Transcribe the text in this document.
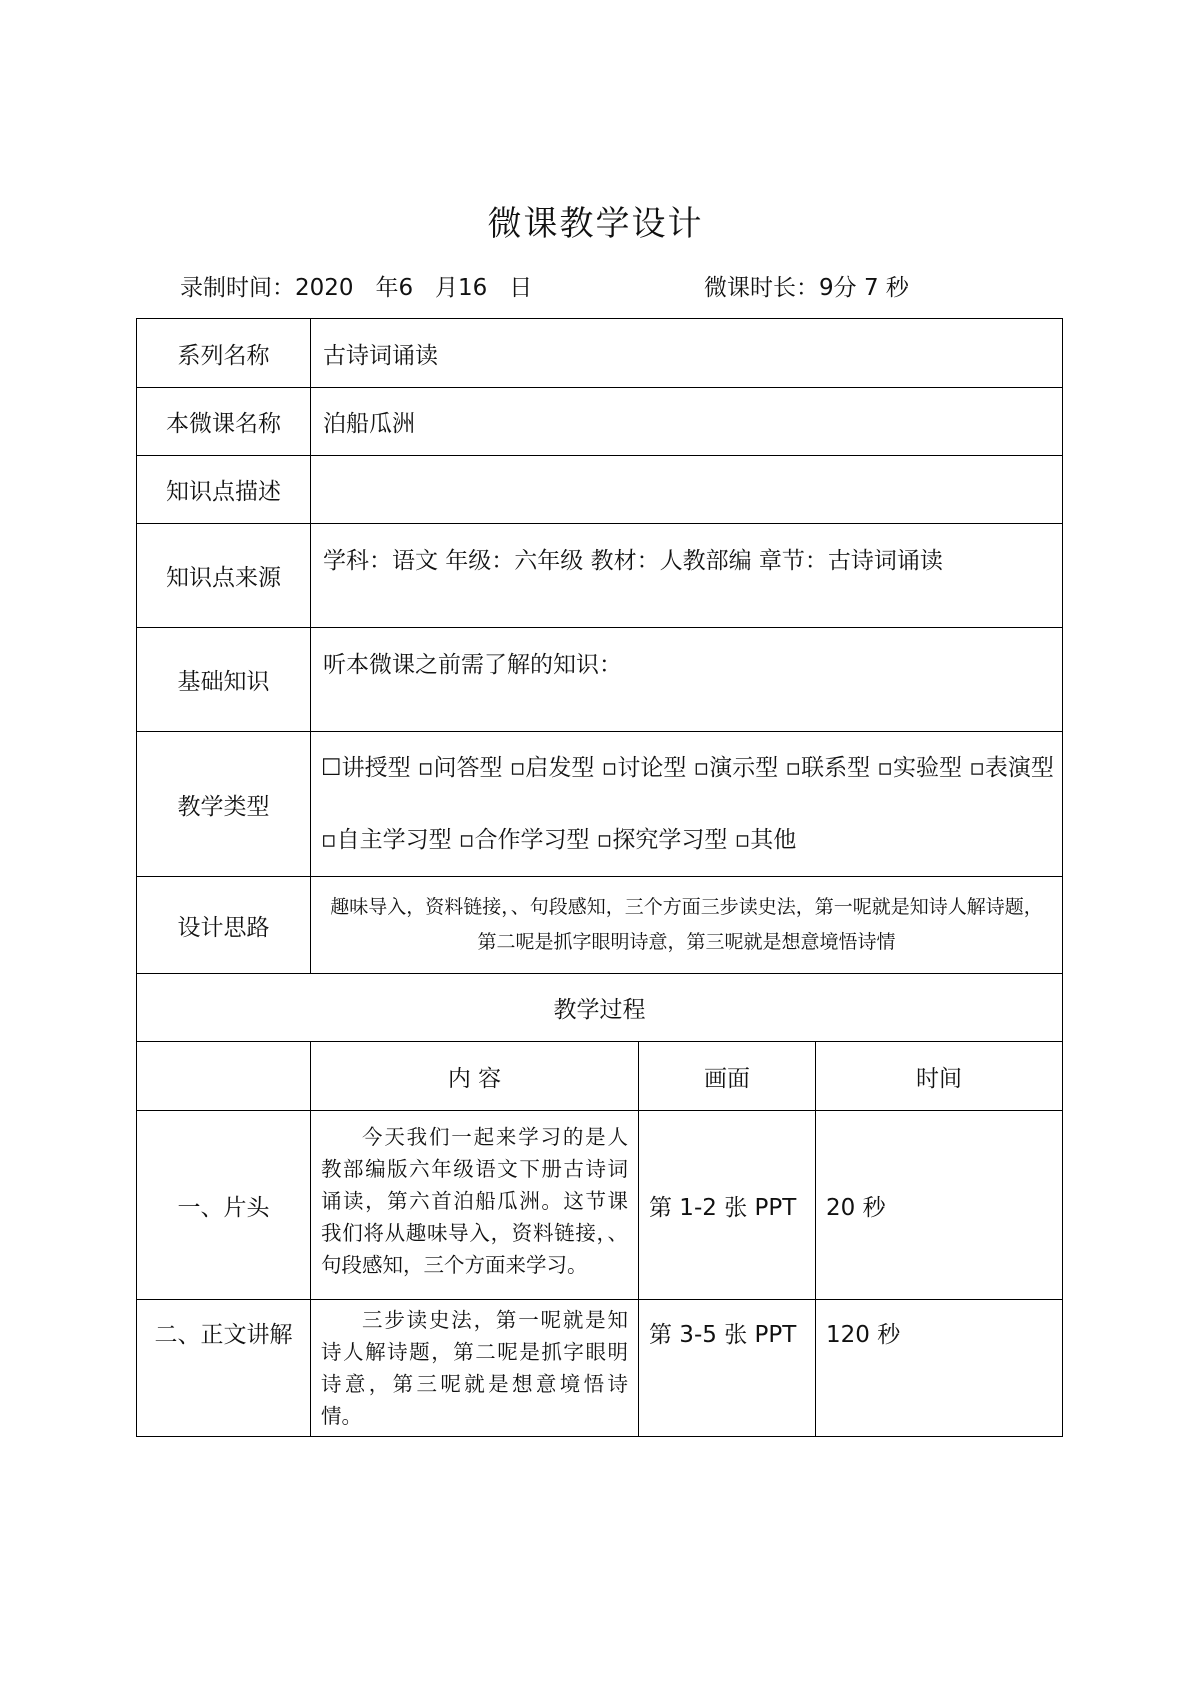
微课教学设计
录制时间：2020   年6   月16   日	微课时长：9分 7 秒
系列名称	古诗词诵读		
本微课名称	泊船瓜洲		
知识点描述			
知识点来源	学科：语文 年级：六年级 教材：人教部编 章节：古诗词诵读		
基础知识	听本微课之前需了解的知识：		
教学类型	☐讲授型 ▫问答型 ▫启发型 ▫讨论型 ▫演示型 ▫联系型 ▫实验型 ▫表演型 ▫自主学习型 ▫合作学习型 ▫探究学习型 ▫其他		
设计思路	趣味导入，资料链接，、句段感知，三个方面三步读史法，第一呢就是知诗人解诗题，第二呢是抓字眼明诗意，第三呢就是想意境悟诗情		
教学过程			
	内 容	画面	时间
一、片头	今天我们一起来学习的是人教部编版六年级语文下册古诗词诵读，第六首泊船瓜洲。这节课我们将从趣味导入，资料链接，、句段感知，三个方面来学习。	第 1-2 张 PPT	20 秒
二、正文讲解	三步读史法，第一呢就是知诗人解诗题，第二呢是抓字眼明诗意，第三呢就是想意境悟诗情。	第 3-5 张 PPT	120 秒
